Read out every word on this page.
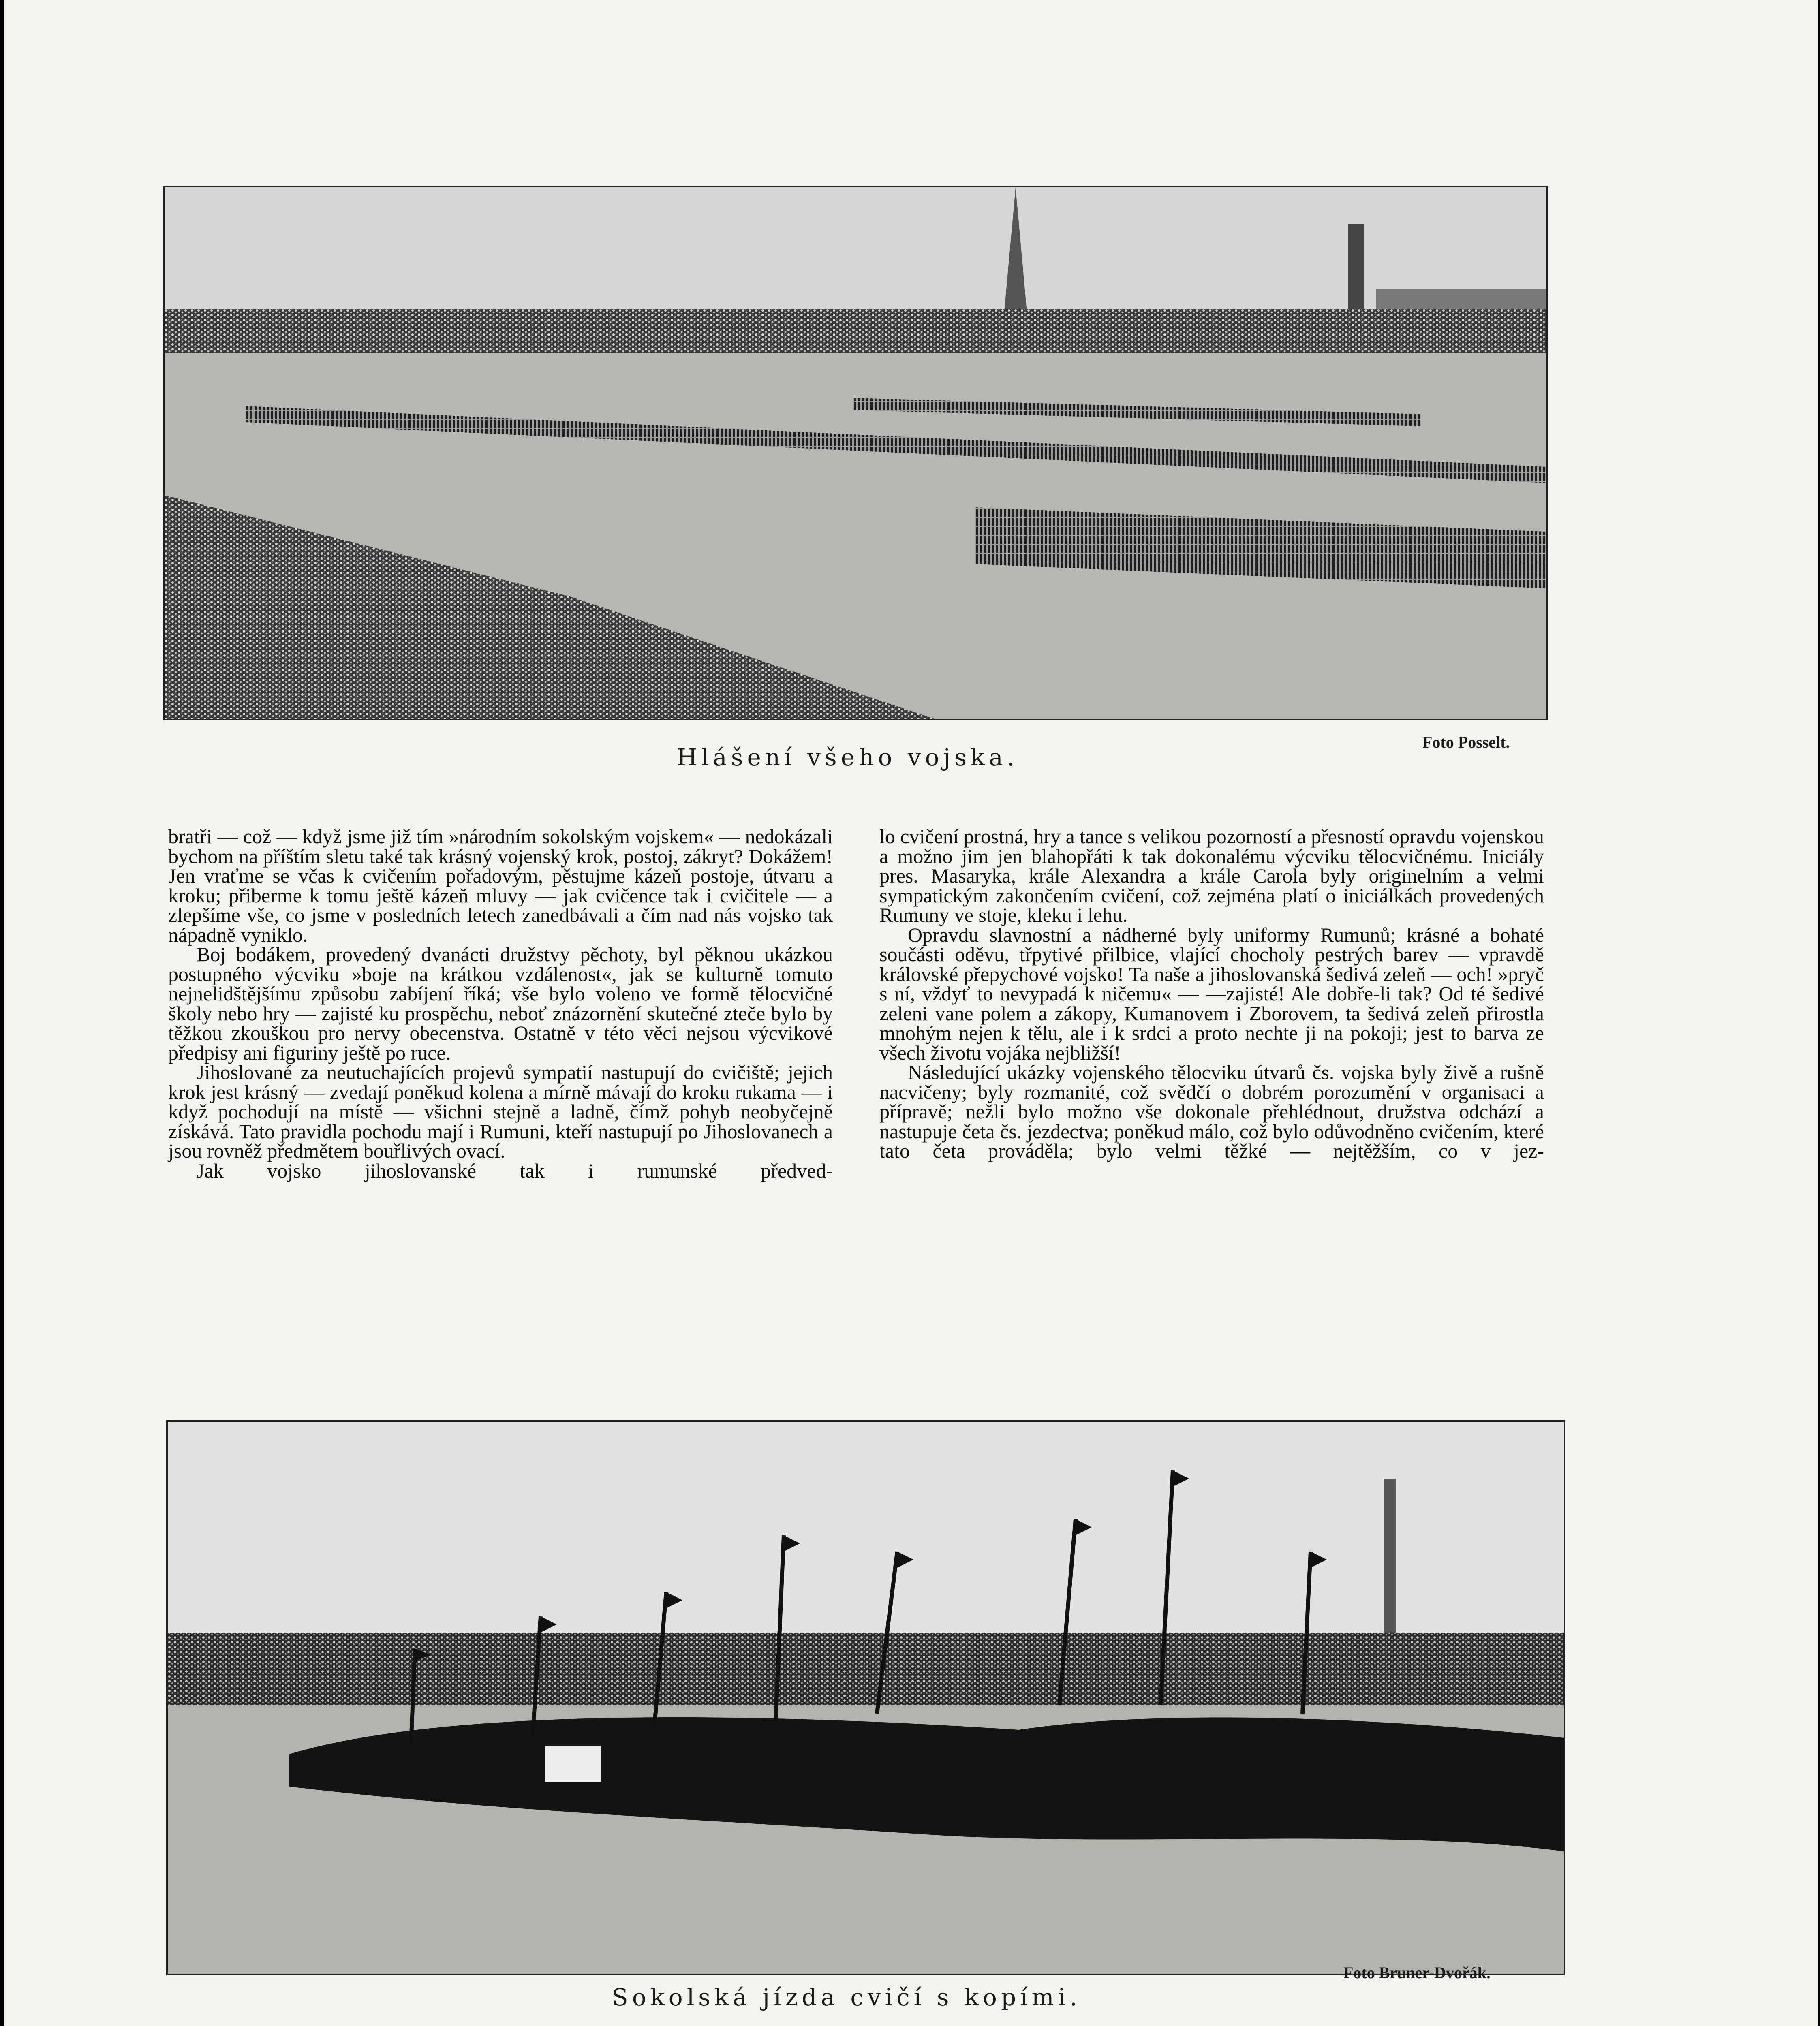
Hlášení všeho vojska.
Foto Posselt.

bratři — což — když jsme již tím »národním sokolským vojskem« — nedokázali bychom na příštím sletu také tak krásný vojenský krok, postoj, zákryt? Dokážem! Jen vraťme se včas k cvičením pořadovým, pěstujme kázeň postoje, útvaru a kroku; přiberme k tomu ještě kázeň mluvy — jak cvičence tak i cvičitele — a zlepšíme vše, co jsme v posledních letech zanedbávali a čím nad nás vojsko tak nápadně vyniklo.

Boj bodákem, provedený dvanácti družstvy pěchoty, byl pěknou ukázkou postupného výcviku »boje na krátkou vzdálenost«, jak se kulturně tomuto nejnelidštějšímu způsobu zabíjení říká; vše bylo voleno ve formě tělocvičné školy nebo hry — zajisté ku prospěchu, neboť znázornění skutečné zteče bylo by těžkou zkouškou pro nervy obecenstva. Ostatně v této věci nejsou výcvikové předpisy ani figuriny ještě po ruce.

Jihoslované za neutuchajících projevů sympatií nastupují do cvičiště; jejich krok jest krásný — zvedají poněkud kolena a mírně mávají do kroku rukama — i když pochodují na místě — všichni stejně a ladně, čímž pohyb neobyčejně získává. Tato pravidla pochodu mají i Rumuni, kteří nastupují po Jihoslovanech a jsou rovněž předmětem bouřlivých ovací.

Jak vojsko jihoslovanské tak i rumunské předved-

lo cvičení prostná, hry a tance s velikou pozorností a přesností opravdu vojenskou a možno jim jen blahopřáti k tak dokonalému výcviku tělocvičnému. Iniciály pres. Masaryka, krále Alexandra a krále Carola byly originelním a velmi sympatickým zakončením cvičení, což zejména platí o iniciálkách provedených Rumuny ve stoje, kleku i lehu.

Opravdu slavnostní a nádherné byly uniformy Rumunů; krásné a bohaté součásti oděvu, třpytivé přilbice, vlající chocholy pestrých barev — vpravdě královské přepychové vojsko! Ta naše a jihoslovanská šedivá zeleň — och! »pryč s ní, vždyť to nevypadá k ničemu« — —zajisté! Ale dobře-li tak? Od té šedivé zeleni vane polem a zákopy, Kumanovem i Zborovem, ta šedivá zeleň přirostla mnohým nejen k tělu, ale i k srdci a proto nechte ji na pokoji; jest to barva ze všech životu vojáka nejbližší!

Následující ukázky vojenského tělocviku útvarů čs. vojska byly živě a rušně nacvičeny; byly rozmanité, což svědčí o dobrém porozumění v organisaci a přípravě; nežli bylo možno vše dokonale přehlédnout, družstva odchází a nastupuje četa čs. jezdectva; poněkud málo, což bylo odůvodněno cvičením, které tato četa prováděla; bylo velmi těžké — nejtěžším, co v jez-

Foto Bruner-Dvořák.
Sokolská jízda cvičí s kopími.
